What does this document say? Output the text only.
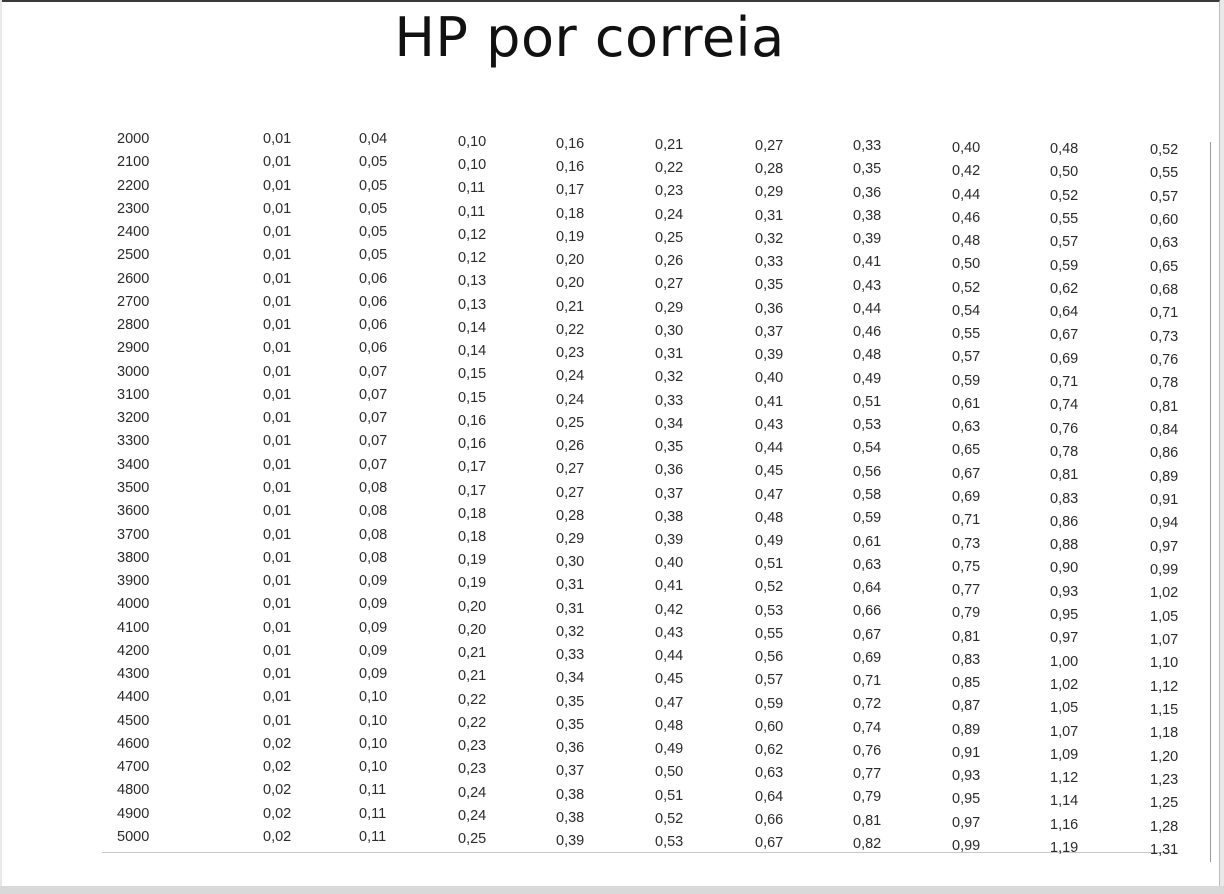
HP por correia
2000
2100
2200
2300
2400
2500
2600
2700
2800
2900
3000
3100
3200
3300
3400
3500
3600
3700
3800
3900
4000
4100
4200
4300
4400
4500
4600
4700
4800
4900
5000
0,01
0,01
0,01
0,01
0,01
0,01
0,01
0,01
0,01
0,01
0,01
0,01
0,01
0,01
0,01
0,01
0,01
0,01
0,01
0,01
0,01
0,01
0,01
0,01
0,01
0,01
0,02
0,02
0,02
0,02
0,02
0,04
0,05
0,05
0,05
0,05
0,05
0,06
0,06
0,06
0,06
0,07
0,07
0,07
0,07
0,07
0,08
0,08
0,08
0,08
0,09
0,09
0,09
0,09
0,09
0,10
0,10
0,10
0,10
0,11
0,11
0,11
0,10
0,10
0,11
0,11
0,12
0,12
0,13
0,13
0,14
0,14
0,15
0,15
0,16
0,16
0,17
0,17
0,18
0,18
0,19
0,19
0,20
0,20
0,21
0,21
0,22
0,22
0,23
0,23
0,24
0,24
0,25
0,16
0,16
0,17
0,18
0,19
0,20
0,20
0,21
0,22
0,23
0,24
0,24
0,25
0,26
0,27
0,27
0,28
0,29
0,30
0,31
0,31
0,32
0,33
0,34
0,35
0,35
0,36
0,37
0,38
0,38
0,39
0,21
0,22
0,23
0,24
0,25
0,26
0,27
0,29
0,30
0,31
0,32
0,33
0,34
0,35
0,36
0,37
0,38
0,39
0,40
0,41
0,42
0,43
0,44
0,45
0,47
0,48
0,49
0,50
0,51
0,52
0,53
0,27
0,28
0,29
0,31
0,32
0,33
0,35
0,36
0,37
0,39
0,40
0,41
0,43
0,44
0,45
0,47
0,48
0,49
0,51
0,52
0,53
0,55
0,56
0,57
0,59
0,60
0,62
0,63
0,64
0,66
0,67
0,33
0,35
0,36
0,38
0,39
0,41
0,43
0,44
0,46
0,48
0,49
0,51
0,53
0,54
0,56
0,58
0,59
0,61
0,63
0,64
0,66
0,67
0,69
0,71
0,72
0,74
0,76
0,77
0,79
0,81
0,82
0,40
0,42
0,44
0,46
0,48
0,50
0,52
0,54
0,55
0,57
0,59
0,61
0,63
0,65
0,67
0,69
0,71
0,73
0,75
0,77
0,79
0,81
0,83
0,85
0,87
0,89
0,91
0,93
0,95
0,97
0,99
0,48
0,50
0,52
0,55
0,57
0,59
0,62
0,64
0,67
0,69
0,71
0,74
0,76
0,78
0,81
0,83
0,86
0,88
0,90
0,93
0,95
0,97
1,00
1,02
1,05
1,07
1,09
1,12
1,14
1,16
1,19
0,52
0,55
0,57
0,60
0,63
0,65
0,68
0,71
0,73
0,76
0,78
0,81
0,84
0,86
0,89
0,91
0,94
0,97
0,99
1,02
1,05
1,07
1,10
1,12
1,15
1,18
1,20
1,23
1,25
1,28
1,31
